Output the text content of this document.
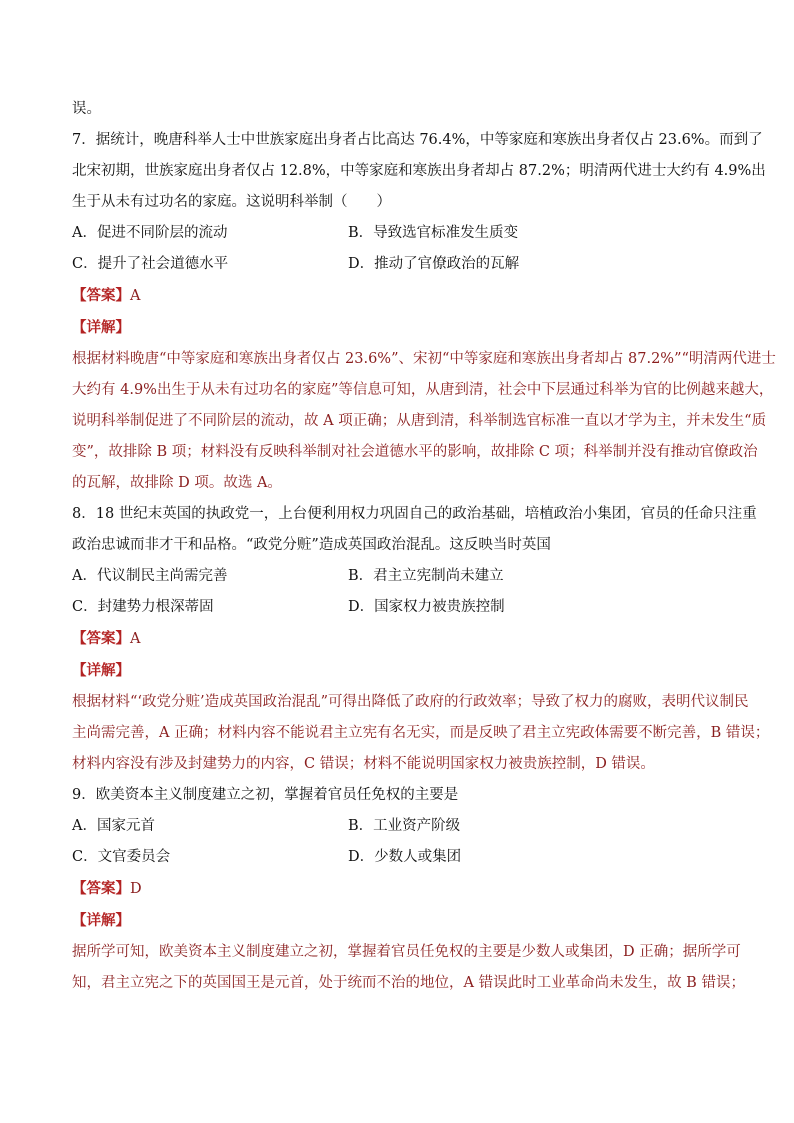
误。
7．据统计，晚唐科举人士中世族家庭出身者占比高达 76.4%，中等家庭和寒族出身者仅占 23.6%。而到了
北宋初期，世族家庭出身者仅占 12.8%，中等家庭和寒族出身者却占 87.2%；明清两代进士大约有 4.9%出
生于从未有过功名的家庭。这说明科举制（　　）
A．促进不同阶层的流动	B．导致选官标准发生质变
C．提升了社会道德水平	D．推动了官僚政治的瓦解
【答案】A
【详解】
根据材料晚唐“中等家庭和寒族出身者仅占 23.6%”、宋初“中等家庭和寒族出身者却占 87.2%”“明清两代进士
大约有 4.9%出生于从未有过功名的家庭”等信息可知，从唐到清，社会中下层通过科举为官的比例越来越大，
说明科举制促进了不同阶层的流动，故 A 项正确；从唐到清，科举制选官标准一直以才学为主，并未发生“质
变”，故排除 B 项；材料没有反映科举制对社会道德水平的影响，故排除 C 项；科举制并没有推动官僚政治
的瓦解，故排除 D 项。故选 A。
8．18 世纪末英国的执政党一，上台便利用权力巩固自己的政治基础，培植政治小集团，官员的任命只注重
政治忠诚而非才干和品格。“政党分赃”造成英国政治混乱。这反映当时英国
A．代议制民主尚需完善	B．君主立宪制尚未建立
C．封建势力根深蒂固	D．国家权力被贵族控制
【答案】A
【详解】
根据材料“‘政党分赃’造成英国政治混乱”可得出降低了政府的行政效率；导致了权力的腐败，表明代议制民
主尚需完善，A 正确；材料内容不能说君主立宪有名无实，而是反映了君主立宪政体需要不断完善，B 错误；
材料内容没有涉及封建势力的内容，C 错误；材料不能说明国家权力被贵族控制，D 错误。
9．欧美资本主义制度建立之初，掌握着官员任免权的主要是
A．国家元首	B．工业资产阶级
C．文官委员会	D．少数人或集团
【答案】D
【详解】
据所学可知，欧美资本主义制度建立之初，掌握着官员任免权的主要是少数人或集团，D 正确；据所学可
知，君主立宪之下的英国国王是元首，处于统而不治的地位，A 错误此时工业革命尚未发生，故 B 错误；
